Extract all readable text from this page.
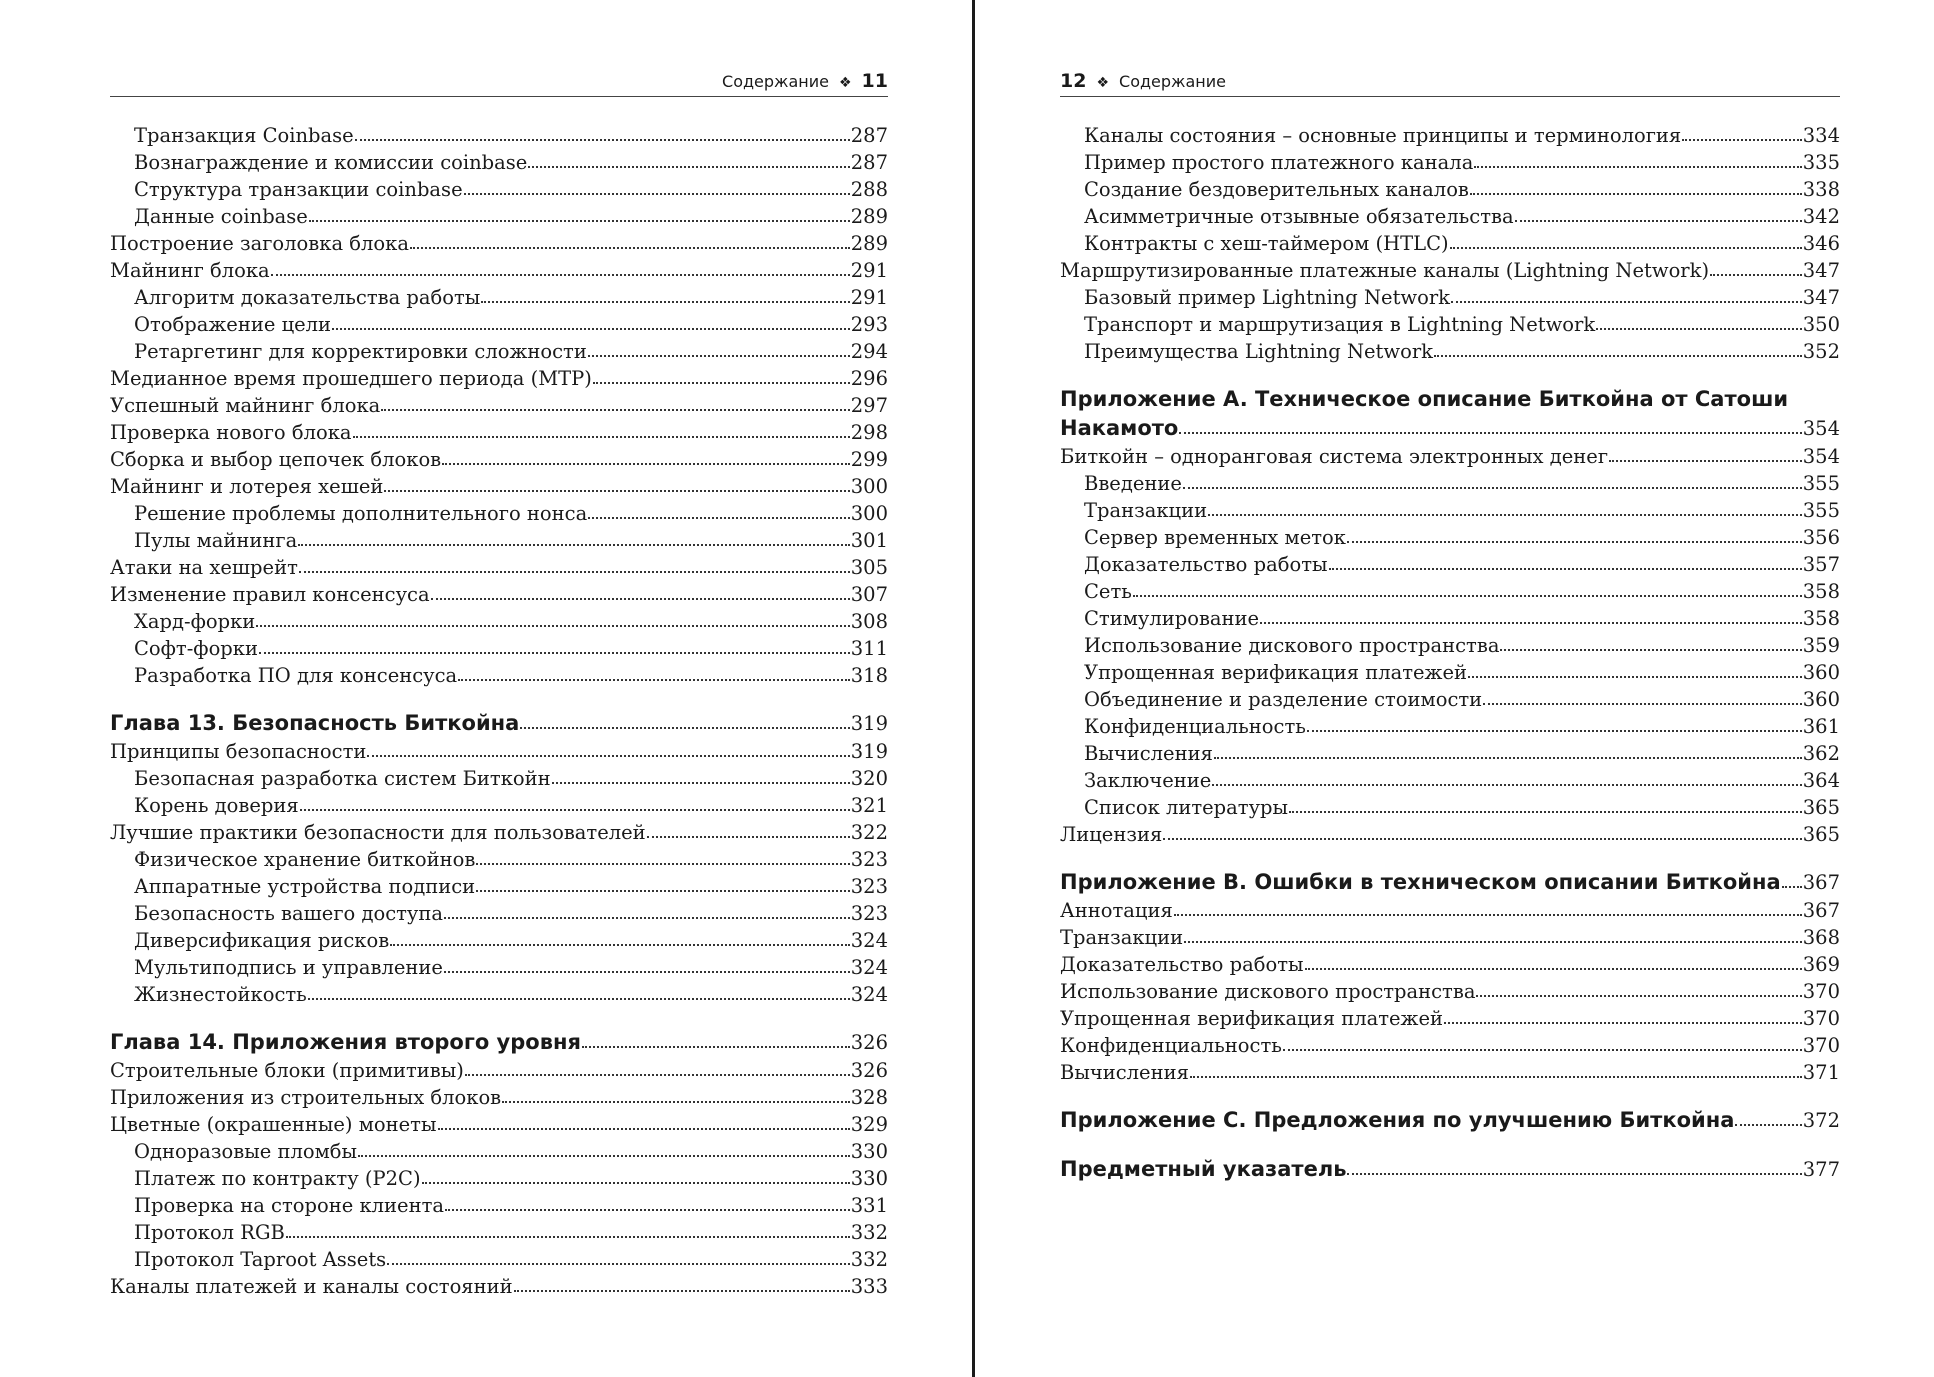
Содержание ❖ 11
Транзакция Coinbase	287
Вознаграждение и комиссии coinbase	287
Структура транзакции coinbase	288
Данные coinbase	289
Построение заголовка блока	289
Майнинг блока	291
Алгоритм доказательства работы	291
Отображение цели	293
Ретаргетинг для корректировки сложности	294
Медианное время прошедшего периода (MTP)	296
Успешный майнинг блока	297
Проверка нового блока	298
Сборка и выбор цепочек блоков	299
Майнинг и лотерея хешей	300
Решение проблемы дополнительного нонса	300
Пулы майнинга	301
Атаки на хешрейт	305
Изменение правил консенсуса	307
Хард-форки	308
Софт-форки	311
Разработка ПО для консенсуса	318
Глава 13. Безопасность Биткойна	319
Принципы безопасности	319
Безопасная разработка систем Биткойн	320
Корень доверия	321
Лучшие практики безопасности для пользователей	322
Физическое хранение биткойнов	323
Аппаратные устройства подписи	323
Безопасность вашего доступа	323
Диверсификация рисков	324
Мультиподпись и управление	324
Жизнестойкость	324
Глава 14. Приложения второго уровня	326
Строительные блоки (примитивы)	326
Приложения из строительных блоков	328
Цветные (окрашенные) монеты	329
Одноразовые пломбы	330
Платеж по контракту (P2C)	330
Проверка на стороне клиента	331
Протокол RGB	332
Протокол Taproot Assets	332
Каналы платежей и каналы состояний	333
12 ❖ Содержание
Каналы состояния – основные принципы и терминология	334
Пример простого платежного канала	335
Создание бездоверительных каналов	338
Асимметричные отзывные обязательства	342
Контракты с хеш-таймером (HTLC)	346
Маршрутизированные платежные каналы (Lightning Network)	347
Базовый пример Lightning Network	347
Транспорт и маршрутизация в Lightning Network	350
Преимущества Lightning Network	352
Приложение A. Техническое описание Биткойна от Сатоши
Накамото	354
Биткойн – одноранговая система электронных денег	354
Введение	355
Транзакции	355
Сервер временных меток	356
Доказательство работы	357
Сеть	358
Стимулирование	358
Использование дискового пространства	359
Упрощенная верификация платежей	360
Объединение и разделение стоимости	360
Конфиденциальность	361
Вычисления	362
Заключение	364
Список литературы	365
Лицензия	365
Приложение B. Ошибки в техническом описании Биткойна 367
Аннотация	367
Транзакции	368
Доказательство работы	369
Использование дискового пространства	370
Упрощенная верификация платежей	370
Конфиденциальность	370
Вычисления	371
Приложение C. Предложения по улучшению Биткойна	372
Предметный указатель	377
